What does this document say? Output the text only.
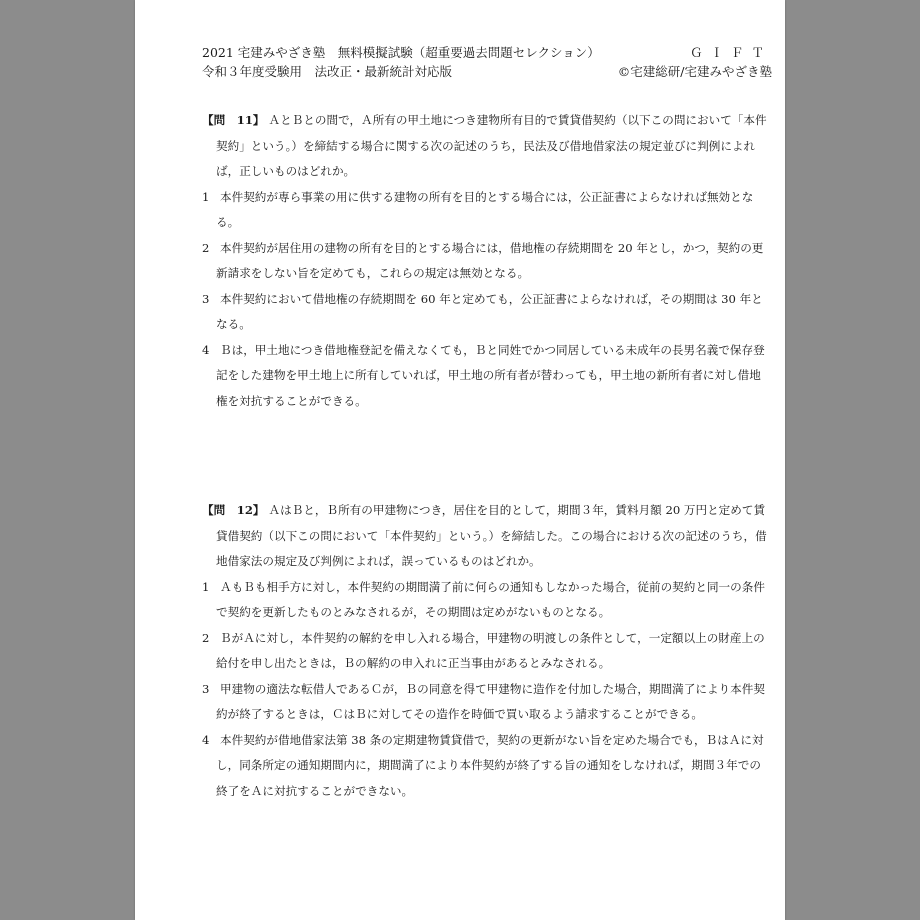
2021 宅建みやざき塾　無料模擬試験（超重要過去問題セレクション）	ＧＩＦＴ
令和３年度受験用　法改正・最新統計対応版	©宅建総研/宅建みやざき塾

【問　11】 ＡとＢとの間で，Ａ所有の甲土地につき建物所有目的で賃貸借契約（以下この問において「本件契約」という。）を締結する場合に関する次の記述のうち，民法及び借地借家法の規定並びに判例によれば，正しいものはどれか。

1 本件契約が専ら事業の用に供する建物の所有を目的とする場合には，公正証書によらなければ無効となる。

2 本件契約が居住用の建物の所有を目的とする場合には，借地権の存続期間を 20 年とし，かつ，契約の更新請求をしない旨を定めても，これらの規定は無効となる。

3 本件契約において借地権の存続期間を 60 年と定めても，公正証書によらなければ，その期間は 30 年となる。

4 Ｂは，甲土地につき借地権登記を備えなくても，Ｂと同姓でかつ同居している未成年の長男名義で保存登記をした建物を甲土地上に所有していれば，甲土地の所有者が替わっても，甲土地の新所有者に対し借地権を対抗することができる。

【問　12】 ＡはＢと，Ｂ所有の甲建物につき，居住を目的として，期間３年，賃料月額 20 万円と定めて賃貸借契約（以下この問において「本件契約」という。）を締結した。この場合における次の記述のうち，借地借家法の規定及び判例によれば，誤っているものはどれか。

1 ＡもＢも相手方に対し，本件契約の期間満了前に何らの通知もしなかった場合，従前の契約と同一の条件で契約を更新したものとみなされるが，その期間は定めがないものとなる。

2 ＢがＡに対し，本件契約の解約を申し入れる場合，甲建物の明渡しの条件として，一定額以上の財産上の給付を申し出たときは，Ｂの解約の申入れに正当事由があるとみなされる。

3 甲建物の適法な転借人であるＣが，Ｂの同意を得て甲建物に造作を付加した場合，期間満了により本件契約が終了するときは，ＣはＢに対してその造作を時価で買い取るよう請求することができる。

4 本件契約が借地借家法第 38 条の定期建物賃貸借で，契約の更新がない旨を定めた場合でも，ＢはＡに対し，同条所定の通知期間内に，期間満了により本件契約が終了する旨の通知をしなければ，期間３年での終了をＡに対抗することができない。
